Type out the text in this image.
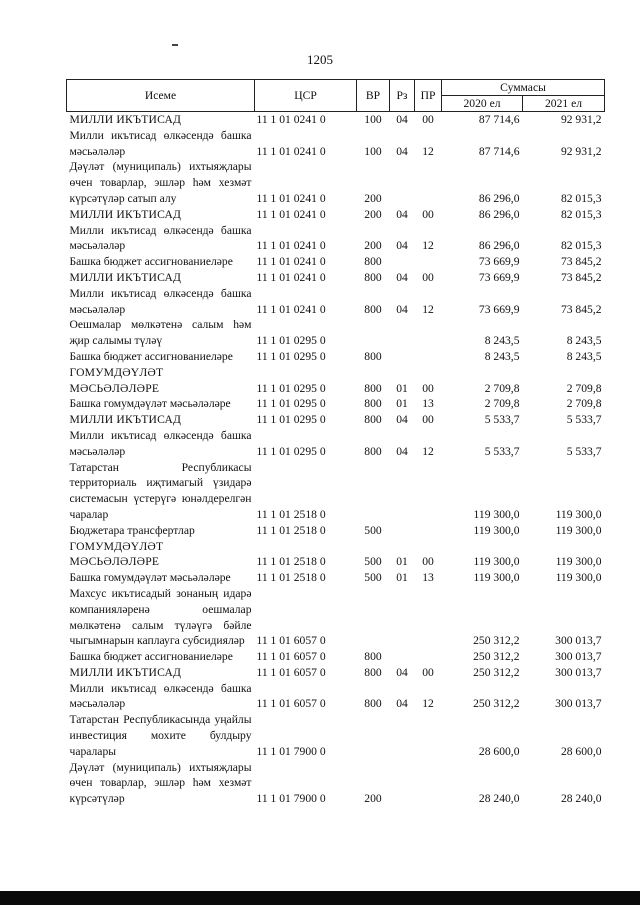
1205
Исеме	ЦСР	ВР	Рз	ПР	Суммасы	
					2020 ел	2021 ел
МИЛЛИ ИКЪТИСАД	11 1 01 0241 0	100	04	00	87 714,6	92 931,2
Милли икътисад өлкәсендә башка мәсьәләләр	11 1 01 0241 0	100	04	12	87 714,6	92 931,2
Дәүләт (муниципаль) ихтыяҗлары өчен товарлар, эшләр һәм хезмәт күрсәтүләр сатып алу	11 1 01 0241 0	200			86 296,0	82 015,3
МИЛЛИ ИКЪТИСАД	11 1 01 0241 0	200	04	00	86 296,0	82 015,3
Милли икътисад өлкәсендә башка мәсьәләләр	11 1 01 0241 0	200	04	12	86 296,0	82 015,3
Башка бюджет ассигнованиеләре	11 1 01 0241 0	800			73 669,9	73 845,2
МИЛЛИ ИКЪТИСАД	11 1 01 0241 0	800	04	00	73 669,9	73 845,2
Милли икътисад өлкәсендә башка мәсьәләләр	11 1 01 0241 0	800	04	12	73 669,9	73 845,2
Оешмалар мөлкәтенә салым һәм җир салымы түләү	11 1 01 0295 0				8 243,5	8 243,5
Башка бюджет ассигнованиеләре	11 1 01 0295 0	800			8 243,5	8 243,5
ГОМУМДӘҮЛӘТ МӘСЬӘЛӘЛӘРЕ	11 1 01 0295 0	800	01	00	2 709,8	2 709,8
Башка гомумдәүләт мәсьәләләре	11 1 01 0295 0	800	01	13	2 709,8	2 709,8
МИЛЛИ ИКЪТИСАД	11 1 01 0295 0	800	04	00	5 533,7	5 533,7
Милли икътисад өлкәсендә башка мәсьәләләр	11 1 01 0295 0	800	04	12	5 533,7	5 533,7
Татарстан Республикасы территориаль иҗтимагый үзидарә системасын үстерүгә юнәлдерелгән чаралар	11 1 01 2518 0				119 300,0	119 300,0
Бюджетара трансфертлар	11 1 01 2518 0	500			119 300,0	119 300,0
ГОМУМДӘҮЛӘТ МӘСЬӘЛӘЛӘРЕ	11 1 01 2518 0	500	01	00	119 300,0	119 300,0
Башка гомумдәүләт мәсьәләләре	11 1 01 2518 0	500	01	13	119 300,0	119 300,0
Махсус икътисадый зонаның идарә компанияләренә оешмалар мөлкәтенә салым түләүгә бәйле чыгымнарын каплауга субсидияләр	11 1 01 6057 0				250 312,2	300 013,7
Башка бюджет ассигнованиеләре	11 1 01 6057 0	800			250 312,2	300 013,7
МИЛЛИ ИКЪТИСАД	11 1 01 6057 0	800	04	00	250 312,2	300 013,7
Милли икътисад өлкәсендә башка мәсьәләләр	11 1 01 6057 0	800	04	12	250 312,2	300 013,7
Татарстан Республикасында уңайлы инвестиция мохите булдыру чаралары	11 1 01 7900 0				28 600,0	28 600,0
Дәүләт (муниципаль) ихтыяҗлары өчен товарлар, эшләр һәм хезмәт күрсәтүләр	11 1 01 7900 0	200			28 240,0	28 240,0
